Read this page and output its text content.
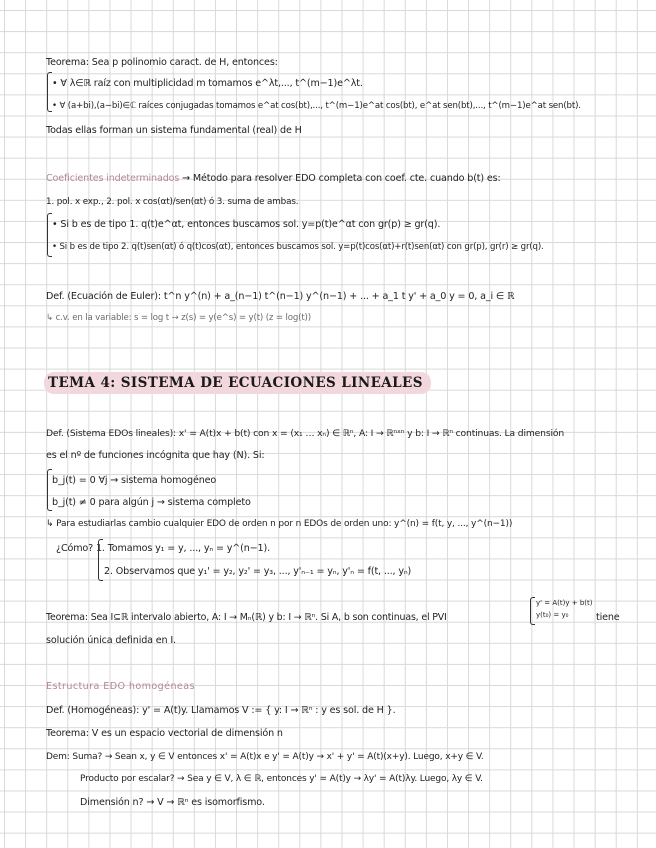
Teorema: Sea p polinomio caract. de H, entonces:
• ∀ λ∈ℝ raíz con multiplicidad m tomamos e^λt,..., t^(m−1)e^λt.
• ∀ (a+bi),(a−bi)∈ℂ raíces conjugadas tomamos e^at cos(bt),..., t^(m−1)e^at cos(bt), e^at sen(bt),..., t^(m−1)e^at sen(bt).
Todas ellas forman un sistema fundamental (real) de H
Coeficientes indeterminados → Método para resolver EDO completa con coef. cte. cuando b(t) es:
1. pol. x exp., 2. pol. x cos(αt)/sen(αt) ó 3. suma de ambas.
• Si b es de tipo 1. q(t)e^αt, entonces buscamos sol. y=p(t)e^αt con gr(p) ≥ gr(q).
• Si b es de tipo 2. q(t)sen(αt) ó q(t)cos(αt), entonces buscamos sol. y=p(t)cos(αt)+r(t)sen(αt) con gr(p), gr(r) ≥ gr(q).
Def. (Ecuación de Euler): t^n y^(n) + a_(n−1) t^(n−1) y^(n−1) + ... + a_1 t y' + a_0 y = 0, a_i ∈ ℝ
↳ c.v. en la variable: s = log t → z(s) = y(e^s) = y(t) (z = log(t))
TEMA 4: SISTEMA DE ECUACIONES LINEALES
Def. (Sistema EDOs lineales): x' = A(t)x + b(t) con x = (x₁ … xₙ) ∈ ℝⁿ, A: I → ℝⁿˣⁿ y b: I → ℝⁿ continuas. La dimensión
es el nº de funciones incógnita que hay (N). Si:
b_j(t) = 0 ∀j → sistema homogéneo
b_j(t) ≠ 0 para algún j → sistema completo
↳ Para estudiarlas cambio cualquier EDO de orden n por n EDOs de orden uno: y^(n) = f(t, y, ..., y^(n−1))
¿Cómo? 1. Tomamos y₁ = y, ..., yₙ = y^(n−1).
2. Observamos que y₁' = y₂, y₂' = y₃, ..., y'ₙ₋₁ = yₙ, y'ₙ = f(t, ..., yₙ)
Teorema: Sea I⊆ℝ intervalo abierto, A: I → Mₙ(ℝ) y b: I → ℝⁿ. Si A, b son continuas, el PVI
y' = A(t)y + b(t)
y(t₀) = y₀	tiene
solución única definida en I.
Estructura EDO homogéneas
Def. (Homogéneas): y' = A(t)y. Llamamos V := { y: I → ℝⁿ : y es sol. de H }.
Teorema: V es un espacio vectorial de dimensión n
Dem: Suma? → Sean x, y ∈ V entonces x' = A(t)x e y' = A(t)y → x' + y' = A(t)(x+y). Luego, x+y ∈ V.
Producto por escalar? → Sea y ∈ V, λ ∈ ℝ, entonces y' = A(t)y → λy' = A(t)λy. Luego, λy ∈ V.
Dimensión n? → V → ℝⁿ es isomorfismo.
